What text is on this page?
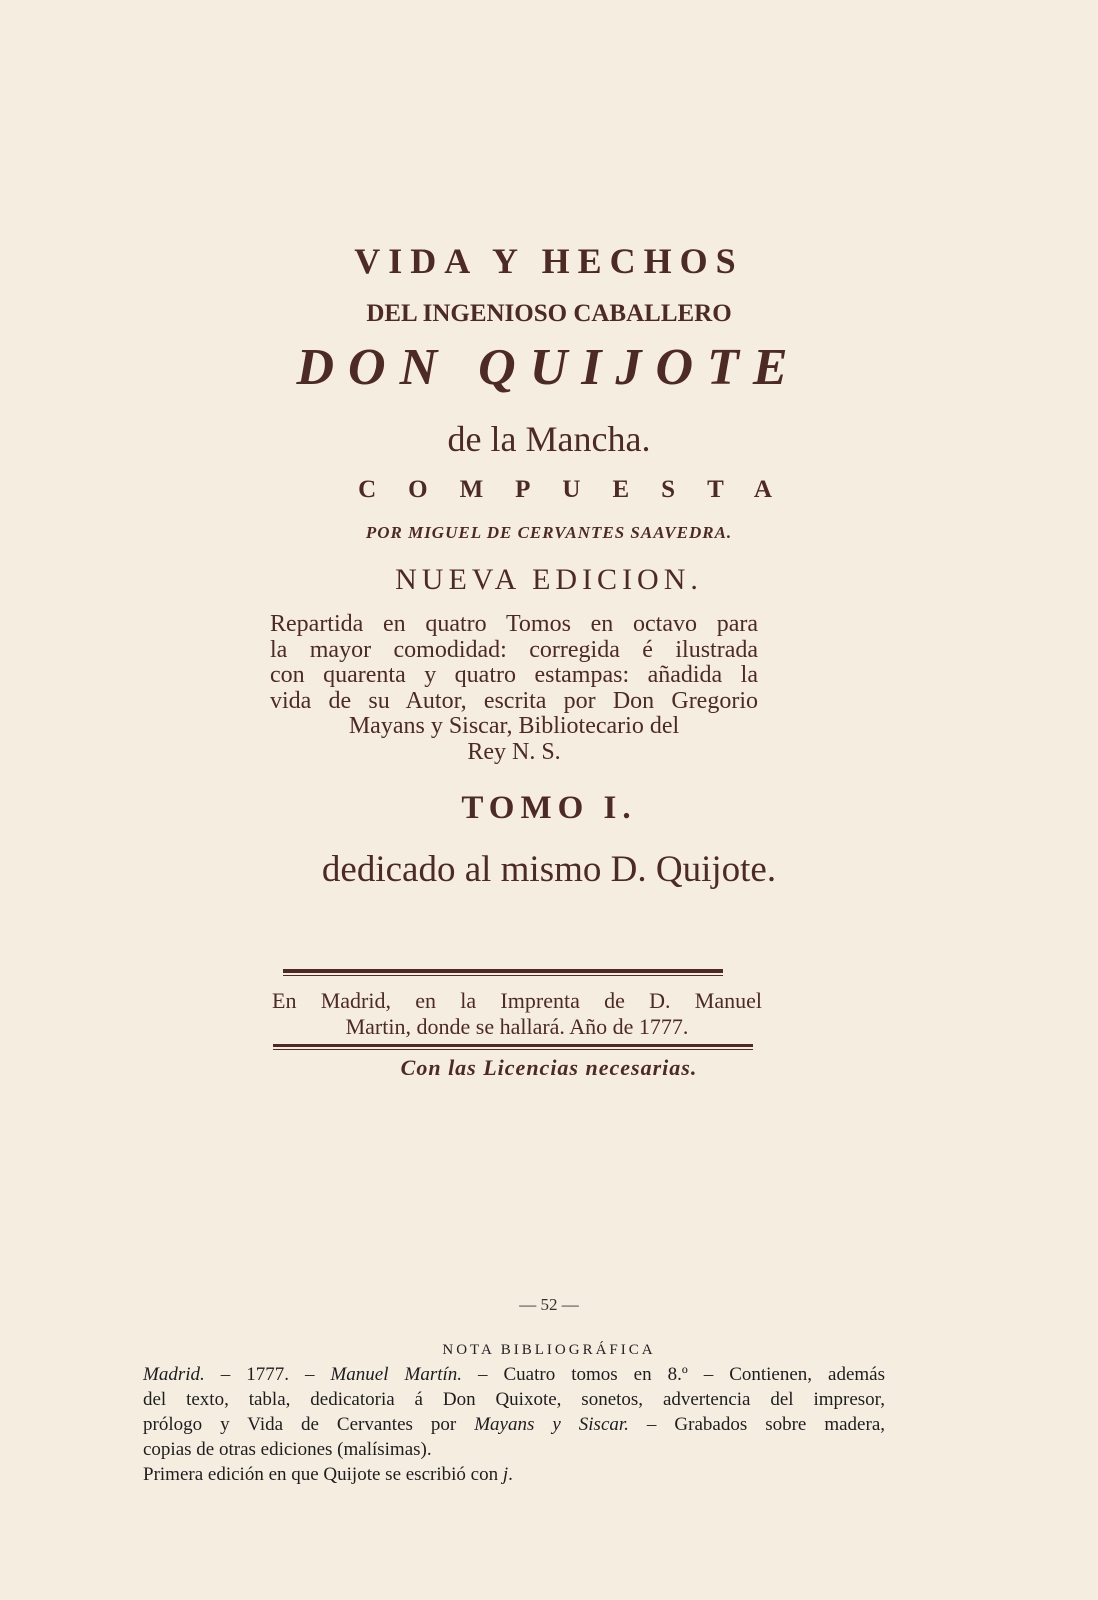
VIDA Y HECHOS
DEL INGENIOSO CABALLERO
DON QUIJOTE
de la Mancha.
COMPUESTA
POR MIGUEL DE CERVANTES SAAVEDRA.
NUEVA EDICION.
Repartida en quatro Tomos en octavo para
la mayor comodidad: corregida é ilustrada
con quarenta y quatro estampas: añadida la
vida de su Autor, escrita por Don Gregorio
Mayans y Siscar, Bibliotecario del
Rey N. S.
TOMO I.
dedicado al mismo D. Quijote.
En Madrid, en la Imprenta de D. Manuel
Martin, donde se hallará. Año de 1777.
Con las Licencias necesarias.
— 52 —
NOTA BIBLIOGRÁFICA
Madrid. – 1777. – Manuel Martín. – Cuatro tomos en 8.º – Contienen, además
del texto, tabla, dedicatoria á Don Quixote, sonetos, advertencia del impresor,
prólogo y Vida de Cervantes por Mayans y Siscar. – Grabados sobre madera,
copias de otras ediciones (malísimas).
Primera edición en que Quijote se escribió con j.
